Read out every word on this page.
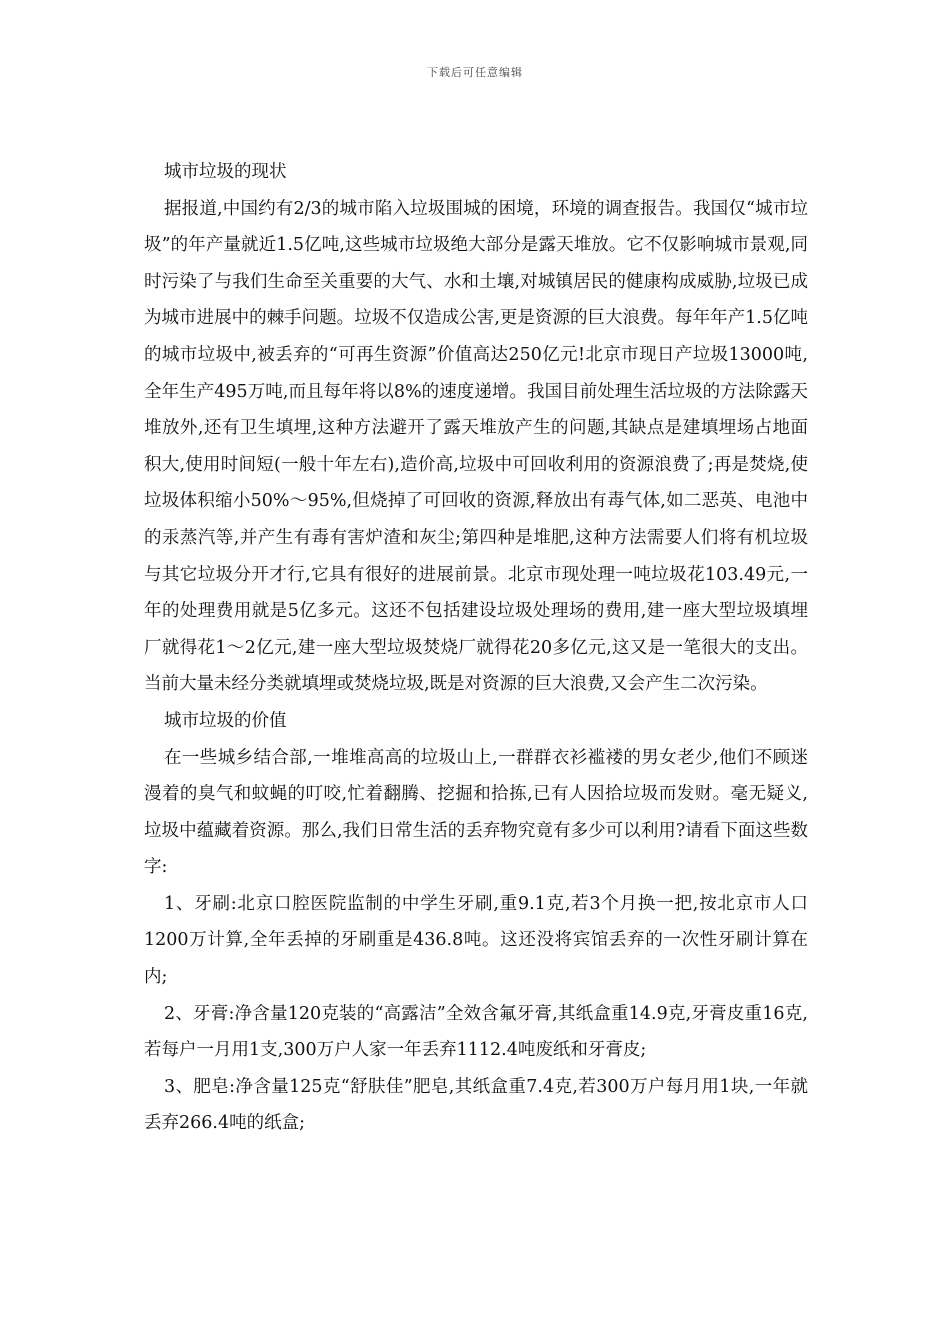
下载后可任意编辑

城市垃圾的现状

据报道,中国约有2/3的城市陷入垃圾围城的困境，环境的调查报告。我国仅“城市垃圾”的年产量就近1.5亿吨,这些城市垃圾绝大部分是露天堆放。它不仅影响城市景观,同时污染了与我们生命至关重要的大气、水和土壤,对城镇居民的健康构成威胁,垃圾已成为城市进展中的棘手问题。垃圾不仅造成公害,更是资源的巨大浪费。每年年产1.5亿吨的城市垃圾中,被丢弃的“可再生资源”价值高达250亿元!北京市现日产垃圾13000吨,全年生产495万吨,而且每年将以8%的速度递增。我国目前处理生活垃圾的方法除露天堆放外,还有卫生填埋,这种方法避开了露天堆放产生的问题,其缺点是建填埋场占地面积大,使用时间短(一般十年左右),造价高,垃圾中可回收利用的资源浪费了;再是焚烧,使垃圾体积缩小50%～95%,但烧掉了可回收的资源,释放出有毒气体,如二恶英、电池中的汞蒸汽等,并产生有毒有害炉渣和灰尘;第四种是堆肥,这种方法需要人们将有机垃圾与其它垃圾分开才行,它具有很好的进展前景。北京市现处理一吨垃圾花103.49元,一年的处理费用就是5亿多元。这还不包括建设垃圾处理场的费用,建一座大型垃圾填埋厂就得花1～2亿元,建一座大型垃圾焚烧厂就得花20多亿元,这又是一笔很大的支出。当前大量未经分类就填埋或焚烧垃圾,既是对资源的巨大浪费,又会产生二次污染。

城市垃圾的价值

在一些城乡结合部,一堆堆高高的垃圾山上,一群群衣衫褴褛的男女老少,他们不顾迷漫着的臭气和蚊蝇的叮咬,忙着翻腾、挖掘和拾拣,已有人因拾垃圾而发财。毫无疑义,垃圾中蕴藏着资源。那么,我们日常生活的丢弃物究竟有多少可以利用?请看下面这些数字:

1、牙刷:北京口腔医院监制的中学生牙刷,重9.1克,若3个月换一把,按北京市人口1200万计算,全年丢掉的牙刷重是436.8吨。这还没将宾馆丢弃的一次性牙刷计算在内;

2、牙膏:净含量120克装的“高露洁”全效含氟牙膏,其纸盒重14.9克,牙膏皮重16克,若每户一月用1支,300万户人家一年丢弃1112.4吨废纸和牙膏皮;

3、肥皂:净含量125克“舒肤佳”肥皂,其纸盒重7.4克,若300万户每月用1块,一年就丢弃266.4吨的纸盒;
